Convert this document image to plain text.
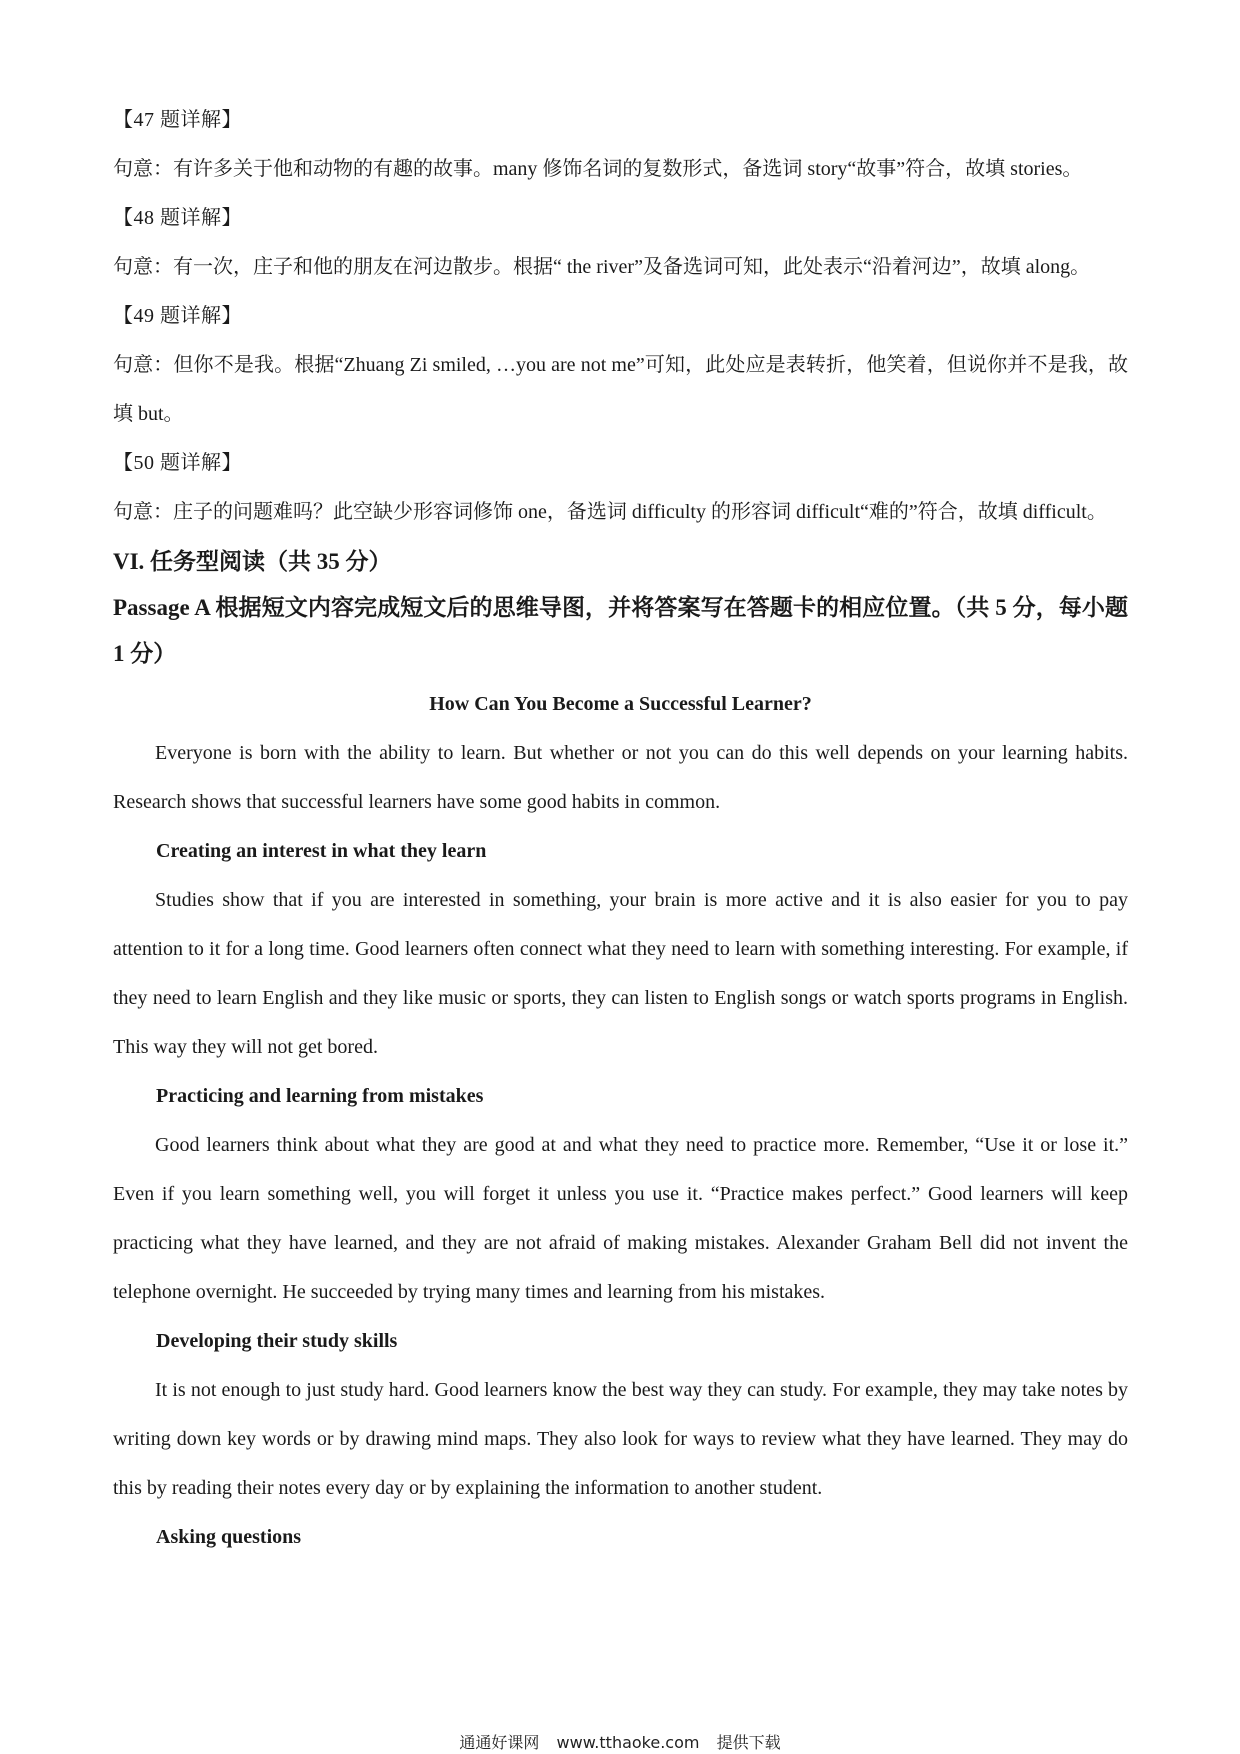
【47 题详解】
句意：有许多关于他和动物的有趣的故事。many 修饰名词的复数形式，备选词 story“故事”符合，故填 stories。
【48 题详解】
句意：有一次，庄子和他的朋友在河边散步。根据“ the river”及备选词可知，此处表示“沿着河边”，故填 along。
【49 题详解】
句意：但你不是我。根据“Zhuang Zi smiled, …you are not me”可知，此处应是表转折，他笑着，但说你并不是我，故填 but。
【50 题详解】
句意：庄子的问题难吗？此空缺少形容词修饰 one，备选词 difficulty 的形容词 difficult“难的”符合，故填 difficult。
VI. 任务型阅读（共 35 分）
Passage A 根据短文内容完成短文后的思维导图，并将答案写在答题卡的相应位置。（共 5 分，每小题 1 分）
How Can You Become a Successful Learner?
Everyone is born with the ability to learn. But whether or not you can do this well depends on your learning habits. Research shows that successful learners have some good habits in common.
Creating an interest in what they learn
Studies show that if you are interested in something, your brain is more active and it is also easier for you to pay attention to it for a long time. Good learners often connect what they need to learn with something interesting. For example, if they need to learn English and they like music or sports, they can listen to English songs or watch sports programs in English. This way they will not get bored.
Practicing and learning from mistakes
Good learners think about what they are good at and what they need to practice more. Remember, “Use it or lose it.” Even if you learn something well, you will forget it unless you use it. “Practice makes perfect.” Good learners will keep practicing what they have learned, and they are not afraid of making mistakes. Alexander Graham Bell did not invent the telephone overnight. He succeeded by trying many times and learning from his mistakes.
Developing their study skills
It is not enough to just study hard. Good learners know the best way they can study. For example, they may take notes by writing down key words or by drawing mind maps. They also look for ways to review what they have learned. They may do this by reading their notes every day or by explaining the information to another student.
Asking questions
通通好课网 www.tthaoke.com 提供下载
